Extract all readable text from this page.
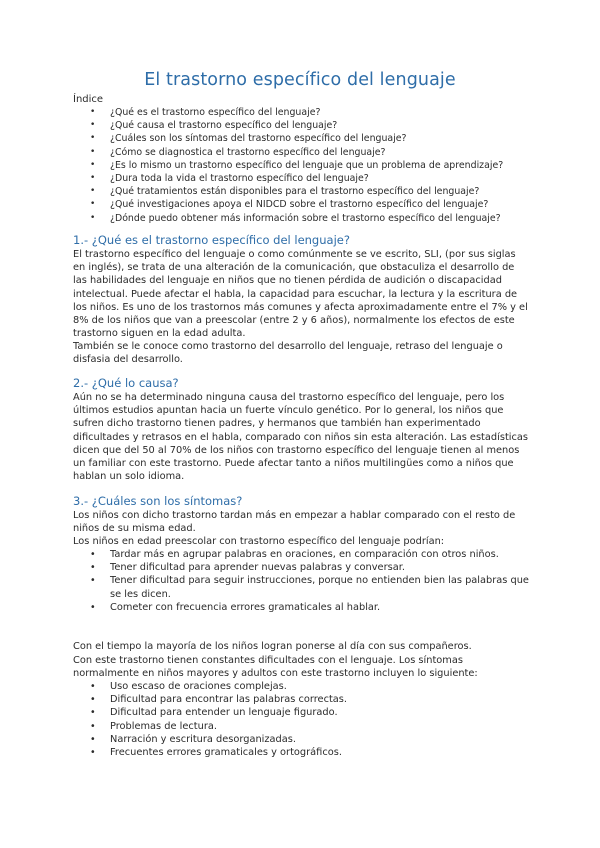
El trastorno específico del lenguaje
Índice
• ¿Qué es el trastorno específico del lenguaje?
• ¿Qué causa el trastorno específico del lenguaje?
• ¿Cuáles son los síntomas del trastorno específico del lenguaje?
• ¿Cómo se diagnostica el trastorno específico del lenguaje?
• ¿Es lo mismo un trastorno específico del lenguaje que un problema de aprendizaje?
• ¿Dura toda la vida el trastorno específico del lenguaje?
• ¿Qué tratamientos están disponibles para el trastorno específico del lenguaje?
• ¿Qué investigaciones apoya el NIDCD sobre el trastorno específico del lenguaje?
• ¿Dónde puedo obtener más información sobre el trastorno específico del lenguaje?
1.- ¿Qué es el trastorno específico del lenguaje?

El trastorno específico del lenguaje o como comúnmente se ve escrito, SLI, (por sus siglas en inglés), se trata de una alteración de la comunicación, que obstaculiza el desarrollo de las habilidades del lenguaje en niños que no tienen pérdida de audición o discapacidad intelectual. Puede afectar el habla, la capacidad para escuchar, la lectura y la escritura de los niños. Es uno de los trastornos más comunes y afecta aproximadamente entre el 7% y el 8% de los niños que van a preescolar (entre 2 y 6 años), normalmente los efectos de este trastorno siguen en la edad adulta.

También se le conoce como trastorno del desarrollo del lenguaje, retraso del lenguaje o disfasia del desarrollo.

2.- ¿Qué lo causa?

Aún no se ha determinado ninguna causa del trastorno específico del lenguaje, pero los últimos estudios apuntan hacia un fuerte vínculo genético. Por lo general, los niños que sufren dicho trastorno tienen padres, y hermanos que también han experimentado dificultades y retrasos en el habla, comparado con niños sin esta alteración. Las estadísticas dicen que del 50 al 70% de los niños con trastorno específico del lenguaje tienen al menos un familiar con este trastorno. Puede afectar tanto a niños multilingües como a niños que hablan un solo idioma.

3.- ¿Cuáles son los síntomas?

Los niños con dicho trastorno tardan más en empezar a hablar comparado con el resto de niños de su misma edad.

Los niños en edad preescolar con trastorno específico del lenguaje podrían:

• Tardar más en agrupar palabras en oraciones, en comparación con otros niños.
• Tener dificultad para aprender nuevas palabras y conversar.
• Tener dificultad para seguir instrucciones, porque no entienden bien las palabras que se les dicen.
• Cometer con frecuencia errores gramaticales al hablar.

Con el tiempo la mayoría de los niños logran ponerse al día con sus compañeros.

Con este trastorno tienen constantes dificultades con el lenguaje. Los síntomas normalmente en niños mayores y adultos con este trastorno incluyen lo siguiente:

• Uso escaso de oraciones complejas.
• Dificultad para encontrar las palabras correctas.
• Dificultad para entender un lenguaje figurado.
• Problemas de lectura.
• Narración y escritura desorganizadas.
• Frecuentes errores gramaticales y ortográficos.
